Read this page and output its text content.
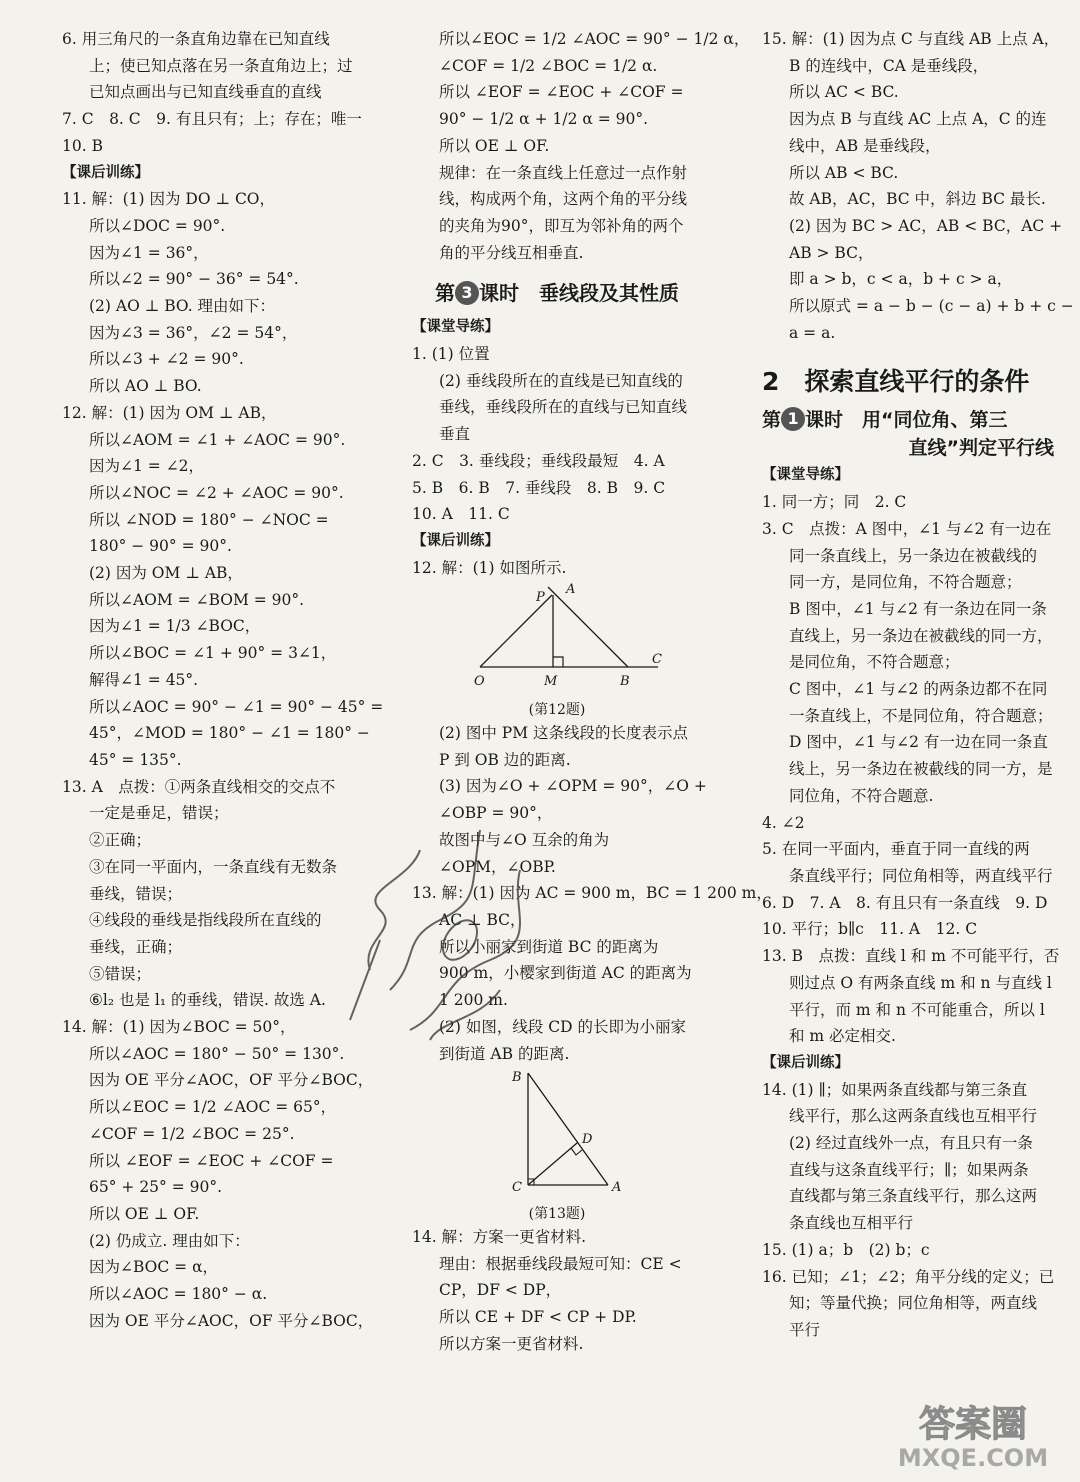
6. 用三角尺的一条直角边靠在已知直线
上；使已知点落在另一条直角边上；过
已知点画出与已知直线垂直的直线
7. C　8. C　9. 有且只有；上；存在；唯一
10. B
【课后训练】
11. 解：(1) 因为 DO ⊥ CO，
所以∠DOC = 90°.
因为∠1 = 36°，
所以∠2 = 90° − 36° = 54°.
(2) AO ⊥ BO. 理由如下：
因为∠3 = 36°，∠2 = 54°，
所以∠3 + ∠2 = 90°.
所以 AO ⊥ BO.
12. 解：(1) 因为 OM ⊥ AB，
所以∠AOM = ∠1 + ∠AOC = 90°.
因为∠1 = ∠2，
所以∠NOC = ∠2 + ∠AOC = 90°.
所以 ∠NOD = 180° − ∠NOC =
180° − 90° = 90°.
(2) 因为 OM ⊥ AB，
所以∠AOM = ∠BOM = 90°.
因为∠1 = 1/3 ∠BOC，
所以∠BOC = ∠1 + 90° = 3∠1，
解得∠1 = 45°.
所以∠AOC = 90° − ∠1 = 90° − 45° =
45°，∠MOD = 180° − ∠1 = 180° −
45° = 135°.
13. A　点拨：①两条直线相交的交点不
一定是垂足，错误；
②正确；
③在同一平面内，一条直线有无数条
垂线，错误；
④线段的垂线是指线段所在直线的
垂线，正确；
⑤错误；
⑥l₂ 也是 l₁ 的垂线，错误. 故选 A.
14. 解：(1) 因为∠BOC = 50°，
所以∠AOC = 180° − 50° = 130°.
因为 OE 平分∠AOC，OF 平分∠BOC，
所以∠EOC = 1/2 ∠AOC = 65°，
∠COF = 1/2 ∠BOC = 25°.
所以 ∠EOF = ∠EOC + ∠COF =
65° + 25° = 90°.
所以 OE ⊥ OF.
(2) 仍成立. 理由如下：
因为∠BOC = α，
所以∠AOC = 180° − α.
因为 OE 平分∠AOC，OF 平分∠BOC，
所以∠EOC = 1/2 ∠AOC = 90° − 1/2 α，
∠COF = 1/2 ∠BOC = 1/2 α.
所以 ∠EOF = ∠EOC + ∠COF =
90° − 1/2 α + 1/2 α = 90°.
所以 OE ⊥ OF.
规律：在一条直线上任意过一点作射
线，构成两个角，这两个角的平分线
的夹角为90°，即互为邻补角的两个
角的平分线互相垂直.
第 3 课时　垂线段及其性质
【课堂导练】
1. (1) 位置
(2) 垂线段所在的直线是已知直线的
垂线，垂线段所在的直线与已知直线
垂直
2. C　3. 垂线段；垂线段最短　4. A
5. B　6. B　7. 垂线段　8. B　9. C
10. A　11. C
【课后训练】
12. 解：(1) 如图所示.
P
A
O	M	B
C
(第12题)
(2) 图中 PM 这条线段的长度表示点
P 到 OB 边的距离.
(3) 因为∠O + ∠OPM = 90°，∠O +
∠OBP = 90°，
故图中与∠O 互余的角为
∠OPM，∠OBP.
13. 解：(1) 因为 AC = 900 m，BC = 1 200 m，
AC ⊥ BC，
所以小丽家到街道 BC 的距离为
900 m，小樱家到街道 AC 的距离为
1 200 m.
(2) 如图，线段 CD 的长即为小丽家
到街道 AB 的距离.
B
D
C	A
(第13题)
14. 解：方案一更省材料.
理由：根据垂线段最短可知：CE <
CP，DF < DP，
所以 CE + DF < CP + DP.
所以方案一更省材料.
15. 解：(1) 因为点 C 与直线 AB 上点 A，
B 的连线中，CA 是垂线段，
所以 AC < BC.
因为点 B 与直线 AC 上点 A，C 的连
线中，AB 是垂线段，
所以 AB < BC.
故 AB，AC，BC 中，斜边 BC 最长.
(2) 因为 BC > AC，AB < BC，AC +
AB > BC，
即 a > b，c < a，b + c > a，
所以原式 = a − b − (c − a) + b + c −
a = a.
2　探索直线平行的条件
第 1 课时　用“同位角、第三
直线”判定平行线
【课堂导练】
1. 同一方；同　2. C
3. C　点拨：A 图中，∠1 与∠2 有一边在
同一条直线上，另一条边在被截线的
同一方，是同位角，不符合题意；
B 图中，∠1 与∠2 有一条边在同一条
直线上，另一条边在被截线的同一方，
是同位角，不符合题意；
C 图中，∠1 与∠2 的两条边都不在同
一条直线上，不是同位角，符合题意；
D 图中，∠1 与∠2 有一边在同一条直
线上，另一条边在被截线的同一方，是
同位角，不符合题意.
4. ∠2
5. 在同一平面内，垂直于同一直线的两
条直线平行；同位角相等，两直线平行
6. D　7. A　8. 有且只有一条直线　9. D
10. 平行；b∥c　11. A　12. C
13. B　点拨：直线 l 和 m 不可能平行，否
则过点 O 有两条直线 m 和 n 与直线 l
平行，而 m 和 n 不可能重合，所以 l
和 m 必定相交.
【课后训练】
14. (1) ∥；如果两条直线都与第三条直
线平行，那么这两条直线也互相平行
(2) 经过直线外一点，有且只有一条
直线与这条直线平行；∥；如果两条
直线都与第三条直线平行，那么这两
条直线也互相平行
15. (1) a；b　(2) b；c
16. 已知；∠1；∠2；角平分线的定义；已
知；等量代换；同位角相等，两直线
平行
答案圈
MXQE.COM
